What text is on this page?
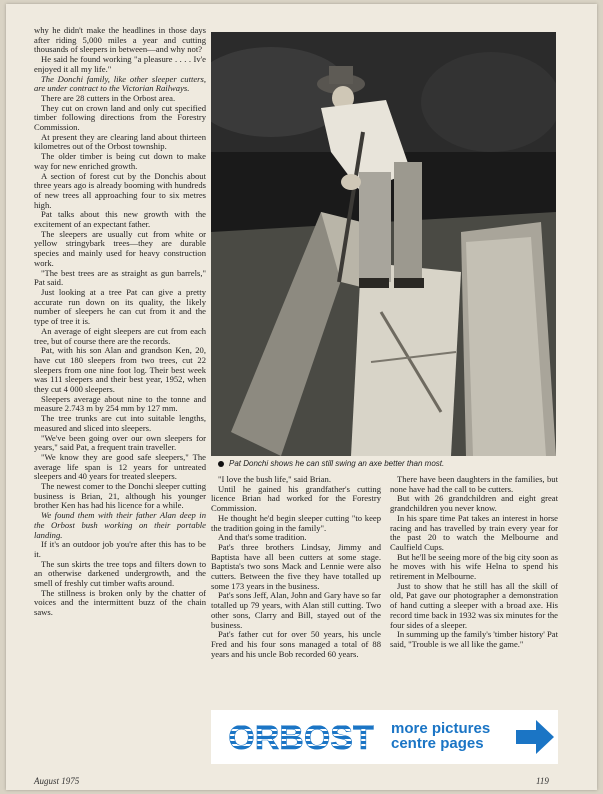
why he didn't make the headlines in those days after riding 5,000 miles a year and cutting thousands of sleepers in between—and why not?

He said he found working "a pleasure . . . . Iv'e enjoyed it all my life."

The Donchi family, like other sleeper cutters, are under contract to the Victorian Railways.

There are 28 cutters in the Orbost area.

They cut on crown land and only cut specified timber following directions from the Forestry Commission.

At present they are clearing land about thirteen kilometres out of the Orbost township.

The older timber is being cut down to make way for new enriched growth.

A section of forest cut by the Donchis about three years ago is already booming with hundreds of new trees all approaching four to six metres high.

Pat talks about this new growth with the excitement of an expectant father.

The sleepers are usually cut from white or yellow stringybark trees—they are durable species and mainly used for heavy construction work.

"The best trees are as straight as gun barrels," Pat said.

Just looking at a tree Pat can give a pretty accurate run down on its quality, the likely number of sleepers he can cut from it and the type of tree it is.

An average of eight sleepers are cut from each tree, but of course there are the records.

Pat, with his son Alan and grandson Ken, 20, have cut 180 sleepers from two trees, cut 22 sleepers from one nine foot log. Their best week was 111 sleepers and their best year, 1952, when they cut 4 000 sleepers.

Sleepers average about nine to the tonne and measure 2.743 m by 254 mm by 127 mm.

The tree trunks are cut into suitable lengths, measured and sliced into sleepers.

"We've been going over our own sleepers for years," said Pat, a frequent train traveller.

"We know they are good safe sleepers," The average life span is 12 years for untreated sleepers and 40 years for treated sleepers.

The newest comer to the Donchi sleeper cutting business is Brian, 21, although his younger brother Ken has had his licence for a while.

We found them with their father Alan deep in the Orbost bush working on their portable landing.

If it's an outdoor job you're after this has to be it.

The sun skirts the tree tops and filters down to an otherwise darkened undergrowth, and the smell of freshly cut timber wafts around.

The stillness is broken only by the chatter of voices and the intermittent buzz of the chain saws.

Pat Donchi shows he can still swing an axe better than most.

"I love the bush life," said Brian.

Until he gained his grandfather's cutting licence Brian had worked for the Forestry Commission.

He thought he'd begin sleeper cutting "to keep the tradition going in the family".

And that's some tradition.

Pat's three brothers Lindsay, Jimmy and Baptista have all been cutters at some stage. Baptista's two sons Mack and Lennie were also cutters. Between the five they have totalled up some 173 years in the business.

Pat's sons Jeff, Alan, John and Gary have so far totalled up 79 years, with Alan still cutting. Two other sons, Clarry and Bill, stayed out of the business.

Pat's father cut for over 50 years, his uncle Fred and his four sons managed a total of 88 years and his uncle Bob recorded 60 years.

There have been daughters in the families, but none have had the call to be cutters.

But with 26 grandchildren and eight great grandchildren you never know.

In his spare time Pat takes an interest in horse racing and has travelled by train every year for the past 20 to watch the Melbourne and Caulfield Cups.

But he'll be seeing more of the big city soon as he moves with his wife Helna to spend his retirement in Melbourne.

Just to show that he still has all the skill of old, Pat gave our photographer a demonstration of hand cutting a sleeper with a broad axe. His record time back in 1932 was six minutes for the four sides of a sleeper.

In summing up the family's 'timber history' Pat said, "Trouble is we all like the game."

ORBOST more pictures
centre pages
August 1975	119
